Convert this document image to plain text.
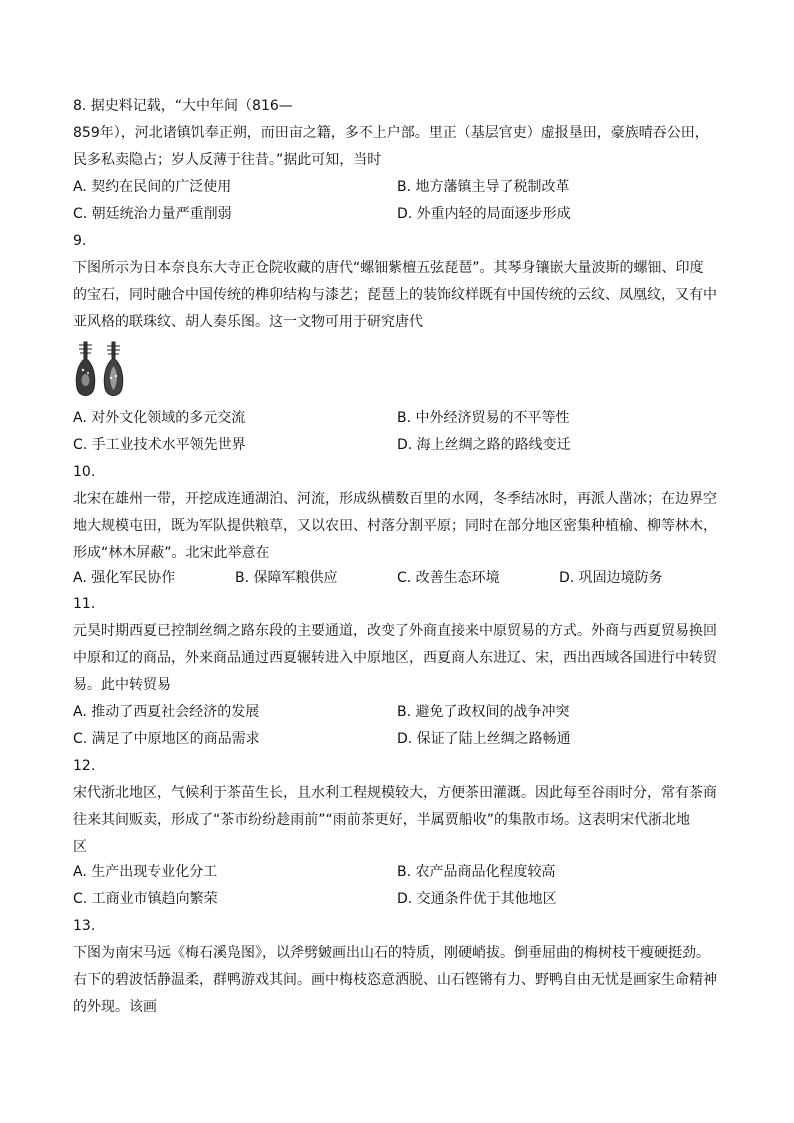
8. 据史料记载，“大中年间（816—
859年），河北诸镇饥奉正朔，而田亩之籍，多不上户部。里正（基层官吏）虚报垦田，豪族晴吞公田，
民多私卖隐占；岁人反薄于往昔。”据此可知，当时
A. 契约在民间的广泛使用	B. 地方藩镇主导了税制改革
C. 朝廷统治力量严重削弱	D. 外重内轻的局面逐步形成
9.
下图所示为日本奈良东大寺正仓院收藏的唐代“螺钿紫檀五弦琵琶”。其琴身镶嵌大量波斯的螺钿、印度
的宝石，同时融合中国传统的榫卯结构与漆艺；琵琶上的装饰纹样既有中国传统的云纹、凤凰纹，又有中
亚风格的联珠纹、胡人奏乐图。这一文物可用于研究唐代
A. 对外文化领域的多元交流	B. 中外经济贸易的不平等性
C. 手工业技术水平领先世界	D. 海上丝绸之路的路线变迁
10.
北宋在雄州一带，开挖成连通湖泊、河流，形成纵横数百里的水网，冬季结冰时，再派人凿冰；在边界空
地大规模屯田，既为军队提供粮草，又以农田、村落分割平原；同时在部分地区密集种植榆、柳等林木，
形成“林木屏蔽”。北宋此举意在
A. 强化军民协作	B. 保障军粮供应	C. 改善生态环境	D. 巩固边境防务
11.
元昊时期西夏已控制丝绸之路东段的主要通道，改变了外商直接来中原贸易的方式。外商与西夏贸易换回
中原和辽的商品，外来商品通过西夏辗转进入中原地区，西夏商人东进辽、宋，西出西域各国进行中转贸
易。此中转贸易
A. 推动了西夏社会经济的发展	B. 避免了政权间的战争冲突
C. 满足了中原地区的商品需求	D. 保证了陆上丝绸之路畅通
12.
宋代浙北地区，气候利于茶苗生长，且水利工程规模较大，方便茶田灌溉。因此每至谷雨时分，常有茶商
往来其间贩卖，形成了“茶市纷纷趁雨前”“雨前茶更好，半属贾船收”的集散市场。这表明宋代浙北地
区
A. 生产出现专业化分工	B. 农产品商品化程度较高
C. 工商业市镇趋向繁荣	D. 交通条件优于其他地区
13.
下图为南宋马远《梅石溪凫图》，以斧劈皴画出山石的特质，刚硬峭拔。倒垂屈曲的梅树枝干瘦硬挺劲。
右下的碧波恬静温柔，群鸭游戏其间。画中梅枝恣意洒脱、山石铿锵有力、野鸭自由无忧是画家生命精神
的外现。该画
